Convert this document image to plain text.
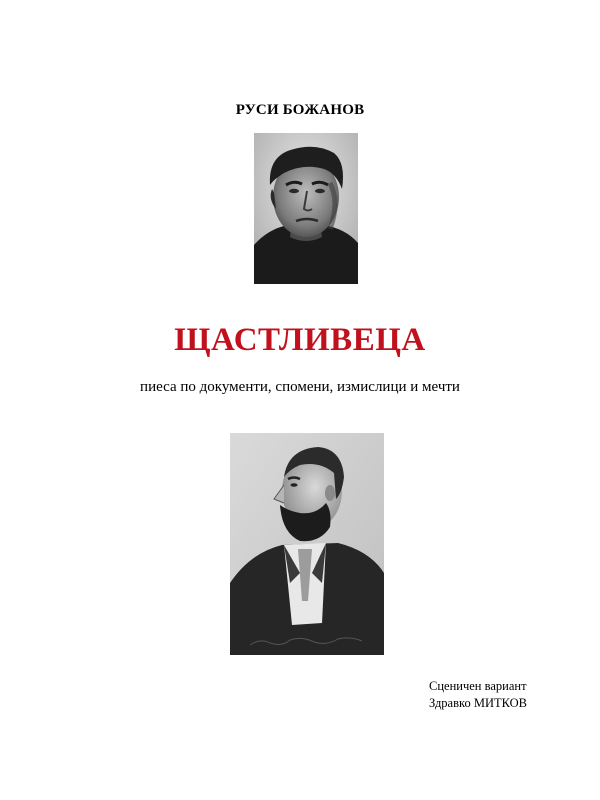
РУСИ БОЖАНОВ
ЩАСТЛИВЕЦА
пиеса по документи, спомени, измислици и мечти
Сценичен вариант
Здравко МИТКОВ
